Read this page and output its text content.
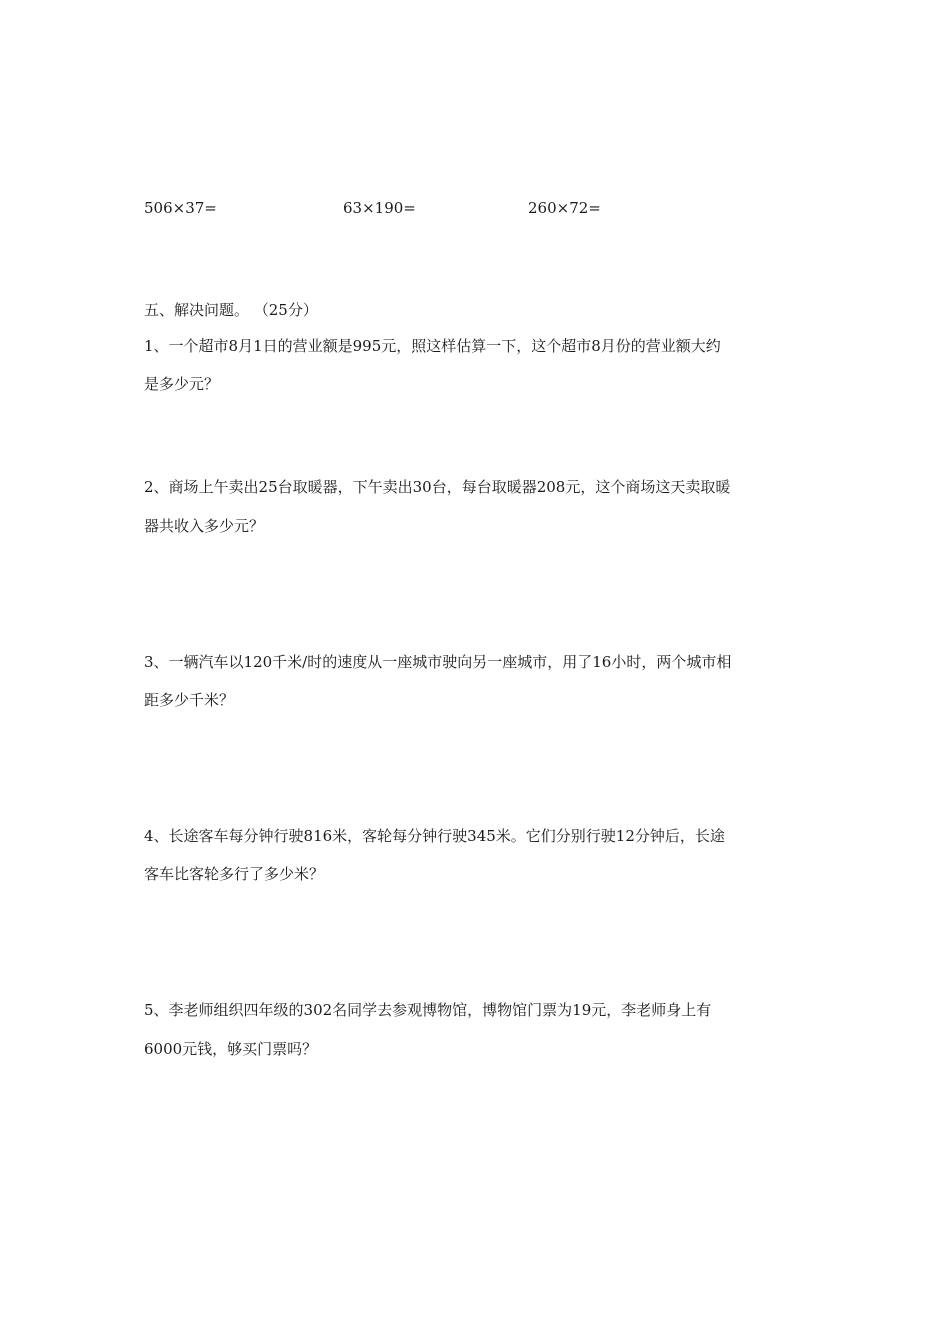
506×37=	63×190=	260×72=
五、解决问题。 （25分）
1、一个超市8月1日的营业额是995元，照这样估算一下，这个超市8月份的营业额大约
是多少元？
2、商场上午卖出25台取暖器，下午卖出30台，每台取暖器208元，这个商场这天卖取暖
器共收入多少元？
3、一辆汽车以120千米/时的速度从一座城市驶向另一座城市，用了16小时，两个城市相
距多少千米？
4、长途客车每分钟行驶816米，客轮每分钟行驶345米。它们分别行驶12分钟后，长途
客车比客轮多行了多少米？
5、李老师组织四年级的302名同学去参观博物馆，博物馆门票为19元，李老师身上有
6000元钱，够买门票吗？
